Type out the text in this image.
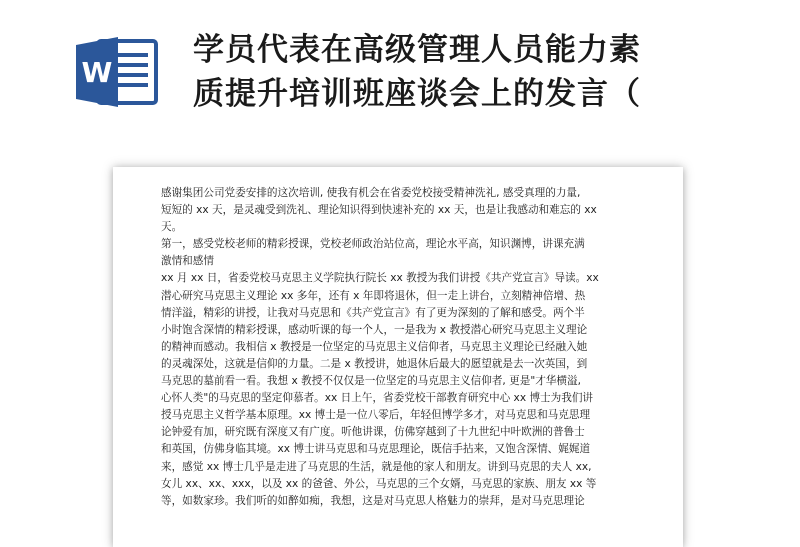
W
学员代表在高级管理人员能力素
质提升培训班座谈会上的发言（
感谢集团公司党委安排的这次培训, 使我有机会在省委党校接受精神洗礼, 感受真理的力量,
短短的 xx 天，是灵魂受到洗礼、理论知识得到快速补充的 xx 天，也是让我感动和难忘的 xx
天。
第一，感受党校老师的精彩授课，党校老师政治站位高，理论水平高，知识渊博，讲课充满
激情和感情
xx 月 xx 日，省委党校马克思主义学院执行院长 xx 教授为我们讲授《共产党宣言》导读。xx
潜心研究马克思主义理论 xx 多年，还有 x 年即将退休，但一走上讲台，立刻精神倍增、热
情洋溢，精彩的讲授，让我对马克思和《共产党宣言》有了更为深刻的了解和感受。两个半
小时饱含深情的精彩授课，感动听课的每一个人，一是我为 x 教授潜心研究马克思主义理论
的精神而感动。我相信 x 教授是一位坚定的马克思主义信仰者，马克思主义理论已经融入她
的灵魂深处，这就是信仰的力量。二是 x 教授讲，她退休后最大的愿望就是去一次英国，到
马克思的墓前看一看。我想 x 教授不仅仅是一位坚定的马克思主义信仰者, 更是"才华横溢,
心怀人类"的马克思的坚定仰慕者。xx 日上午，省委党校干部教育研究中心 xx 博士为我们讲
授马克思主义哲学基本原理。xx 博士是一位八零后，年轻但博学多才，对马克思和马克思理
论钟爱有加，研究既有深度又有广度。听他讲课，仿佛穿越到了十九世纪中叶欧洲的普鲁士
和英国，仿佛身临其境。xx 博士讲马克思和马克思理论，既信手拈来，又饱含深情、娓娓道
来，感觉 xx 博士几乎是走进了马克思的生活，就是他的家人和朋友。讲到马克思的夫人 xx,
女儿 xx、xx、xxx，以及 xx 的爸爸、外公，马克思的三个女婿，马克思的家族、朋友 xx 等
等，如数家珍。我们听的如醉如痴，我想，这是对马克思人格魅力的崇拜，是对马克思理论
